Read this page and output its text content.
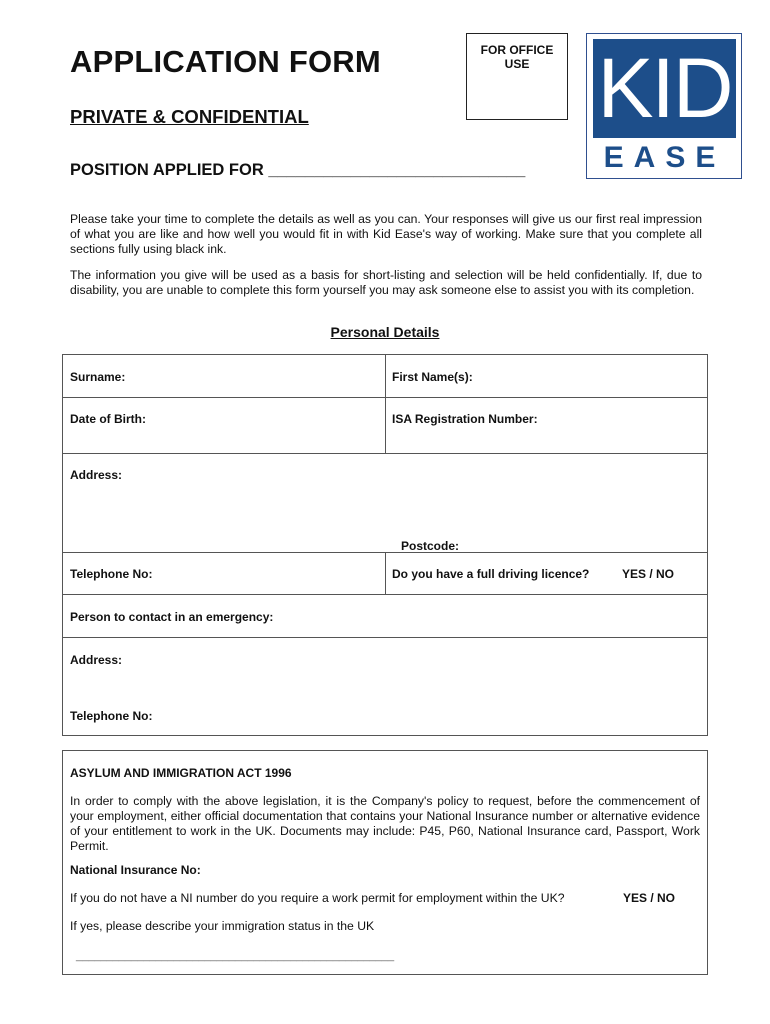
APPLICATION FORM
PRIVATE & CONFIDENTIAL
POSITION APPLIED FOR ____________________________
FOR OFFICE
USE KID
EASE
Please take your time to complete the details as well as you can. Your responses will give us our first real impression of what you are like and how well you would fit in with Kid Ease's way of working. Make sure that you complete all sections fully using black ink.
The information you give will be used as a basis for short-listing and selection will be held confidentially. If, due to disability, you are unable to complete this form yourself you may ask someone else to assist you with its completion.
Personal Details
Surname:	First Name(s):
Date of Birth:	ISA Registration Number:
Address:
Postcode:
Telephone No:	Do you have a full driving licence?	YES / NO
Person to contact in an emergency:
Address:
Telephone No:
ASYLUM AND IMMIGRATION ACT 1996
In order to comply with the above legislation, it is the Company's policy to request, before the commencement of your employment, either official documentation that contains your National Insurance number or alternative evidence of your entitlement to work in the UK. Documents may include: P45, P60, National Insurance card, Passport, Work Permit.
National Insurance No:
If you do not have a NI number do you require a work permit for employment within the UK?	YES / NO
If yes, please describe your immigration status in the UK
____________________________________________________
